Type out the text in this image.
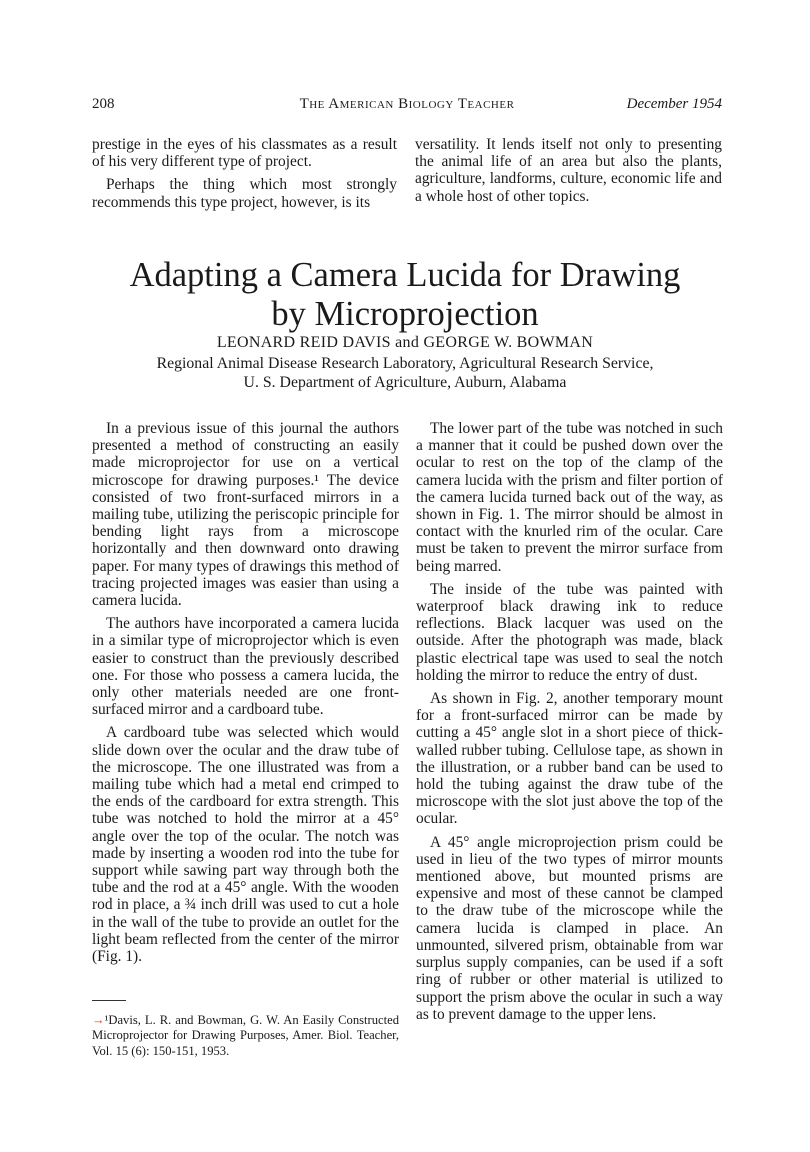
208	The American Biology Teacher	December 1954

prestige in the eyes of his classmates as a result of his very different type of project.

Perhaps the thing which most strongly recommends this type project, however, is its

versatility. It lends itself not only to presenting the animal life of an area but also the plants, agriculture, landforms, culture, economic life and a whole host of other topics.

Adapting a Camera Lucida for Drawing
by Microprojection
LEONARD REID DAVIS and GEORGE W. BOWMAN
Regional Animal Disease Research Laboratory, Agricultural Research Service,
U. S. Department of Agriculture, Auburn, Alabama

In a previous issue of this journal the authors presented a method of constructing an easily made microprojector for use on a vertical microscope for drawing purposes.¹ The device consisted of two front-surfaced mirrors in a mailing tube, utilizing the periscopic principle for bending light rays from a microscope horizontally and then downward onto drawing paper. For many types of drawings this method of tracing projected images was easier than using a camera lucida.

The authors have incorporated a camera lucida in a similar type of microprojector which is even easier to construct than the previously described one. For those who possess a camera lucida, the only other materials needed are one front-surfaced mirror and a cardboard tube.

A cardboard tube was selected which would slide down over the ocular and the draw tube of the microscope. The one illustrated was from a mailing tube which had a metal end crimped to the ends of the cardboard for extra strength. This tube was notched to hold the mirror at a 45° angle over the top of the ocular. The notch was made by inserting a wooden rod into the tube for support while sawing part way through both the tube and the rod at a 45° angle. With the wooden rod in place, a ¾ inch drill was used to cut a hole in the wall of the tube to provide an outlet for the light beam reflected from the center of the mirror (Fig. 1).

The lower part of the tube was notched in such a manner that it could be pushed down over the ocular to rest on the top of the clamp of the camera lucida with the prism and filter portion of the camera lucida turned back out of the way, as shown in Fig. 1. The mirror should be almost in contact with the knurled rim of the ocular. Care must be taken to prevent the mirror surface from being marred.

The inside of the tube was painted with waterproof black drawing ink to reduce reflections. Black lacquer was used on the outside. After the photograph was made, black plastic electrical tape was used to seal the notch holding the mirror to reduce the entry of dust.

As shown in Fig. 2, another temporary mount for a front-surfaced mirror can be made by cutting a 45° angle slot in a short piece of thick-walled rubber tubing. Cellulose tape, as shown in the illustration, or a rubber band can be used to hold the tubing against the draw tube of the microscope with the slot just above the top of the ocular.

A 45° angle microprojection prism could be used in lieu of the two types of mirror mounts mentioned above, but mounted prisms are expensive and most of these cannot be clamped to the draw tube of the microscope while the camera lucida is clamped in place. An unmounted, silvered prism, obtainable from war surplus supply companies, can be used if a soft ring of rubber or other material is utilized to support the prism above the ocular in such a way as to prevent damage to the upper lens.

→¹Davis, L. R. and Bowman, G. W. An Easily Constructed Microprojector for Drawing Purposes, Amer. Biol. Teacher, Vol. 15 (6): 150-151, 1953.
